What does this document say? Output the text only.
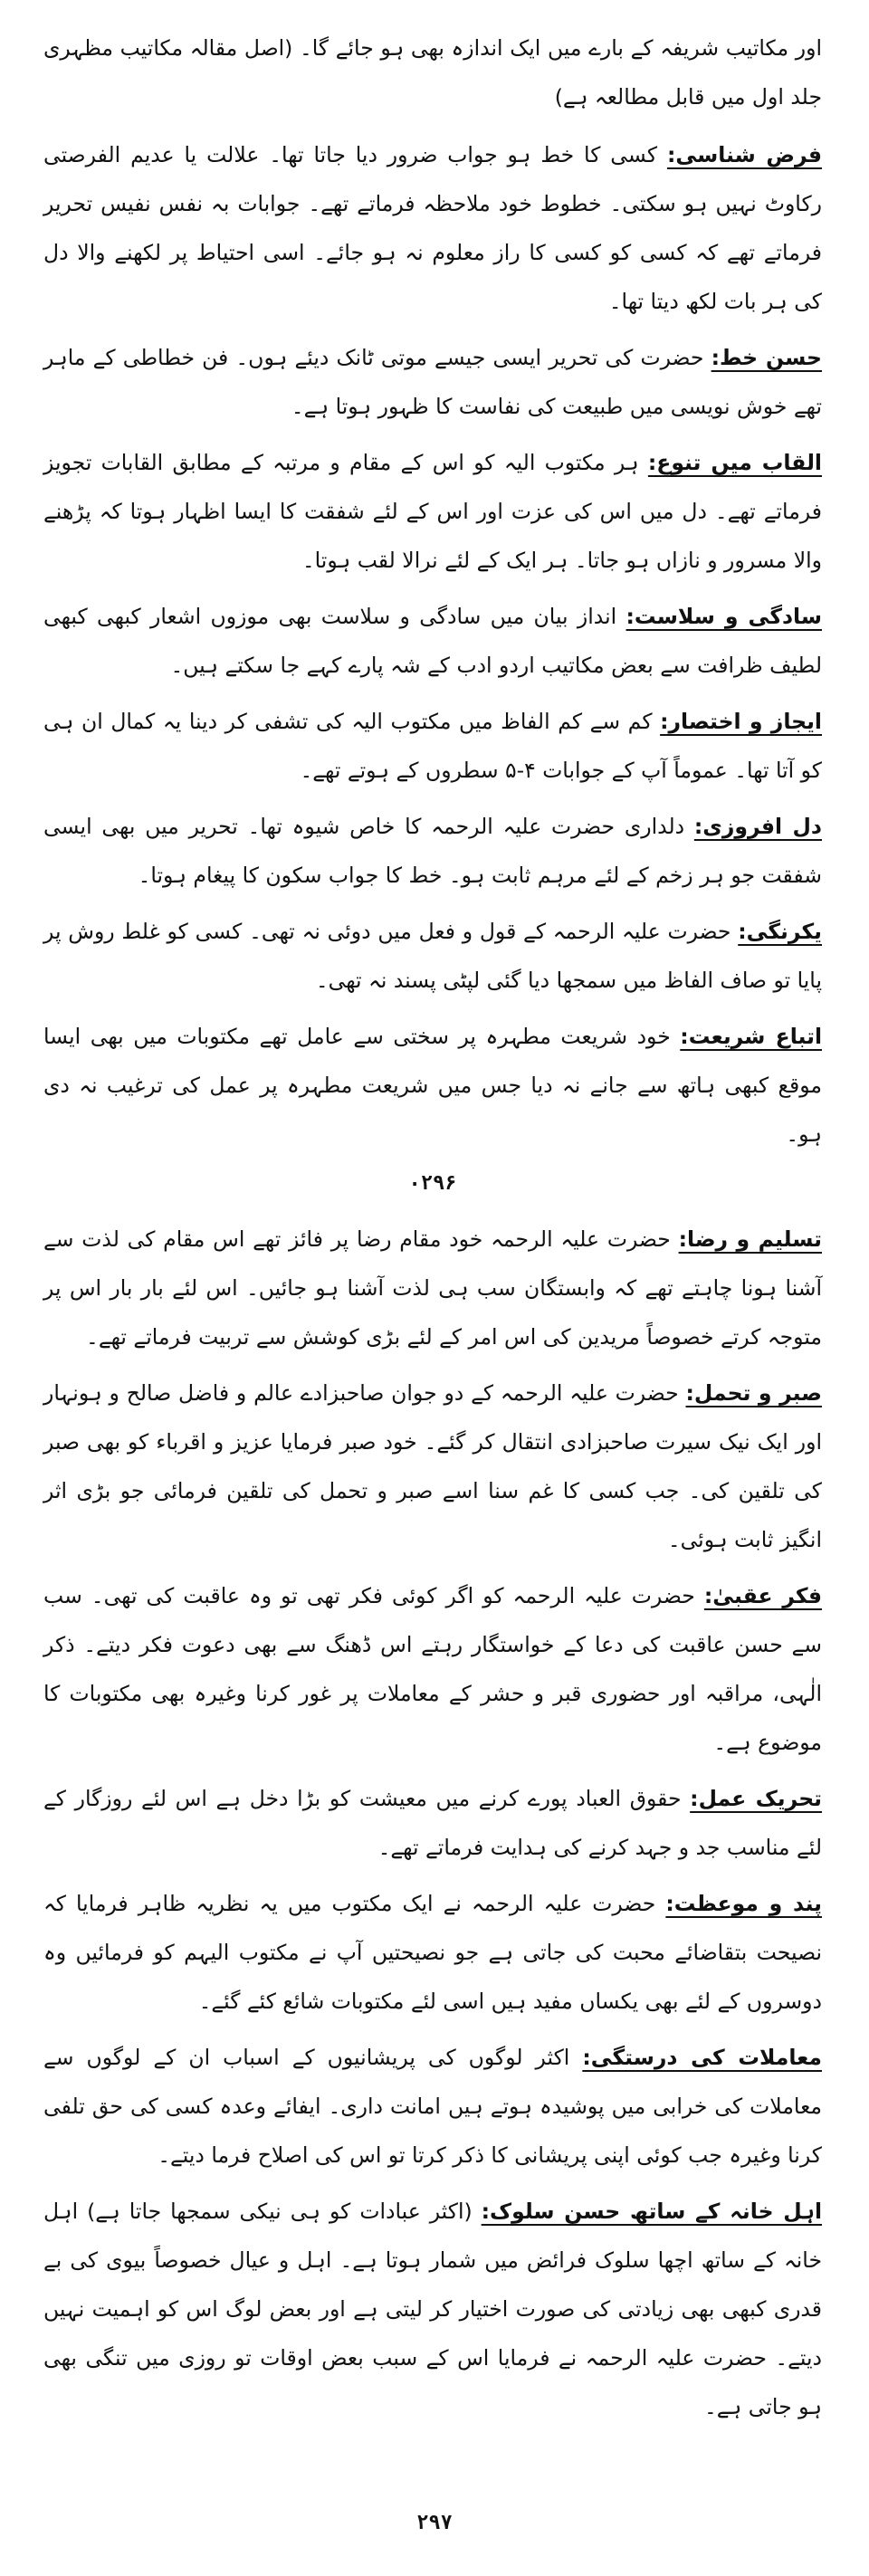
اور مکاتیب شریفہ کے بارے میں ایک اندازہ بھی ہو جائے گا۔ (اصل مقالہ مکاتیب مظہری جلد اول میں قابل مطالعہ ہے)

فرض شناسی: کسی کا خط ہو جواب ضرور دیا جاتا تھا۔ علالت یا عدیم الفرصتی رکاوٹ نہیں ہو سکتی۔ خطوط خود ملاحظہ فرماتے تھے۔ جوابات بہ نفس نفیس تحریر فرماتے تھے کہ کسی کو کسی کا راز معلوم نہ ہو جائے۔ اسی احتیاط پر لکھنے والا دل کی ہر بات لکھ دیتا تھا۔

حسن خط: حضرت کی تحریر ایسی جیسے موتی ٹانک دیئے ہوں۔ فن خطاطی کے ماہر تھے خوش نویسی میں طبیعت کی نفاست کا ظہور ہوتا ہے۔

القاب میں تنوع: ہر مکتوب الیہ کو اس کے مقام و مرتبہ کے مطابق القابات تجویز فرماتے تھے۔ دل میں اس کی عزت اور اس کے لئے شفقت کا ایسا اظہار ہوتا کہ پڑھنے والا مسرور و نازاں ہو جاتا۔ ہر ایک کے لئے نرالا لقب ہوتا۔

سادگی و سلاست: انداز بیان میں سادگی و سلاست بھی موزوں اشعار کبھی کبھی لطیف ظرافت سے بعض مکاتیب اردو ادب کے شہ پارے کہے جا سکتے ہیں۔

ایجاز و اختصار: کم سے کم الفاظ میں مکتوب الیہ کی تشفی کر دینا یہ کمال ان ہی کو آتا تھا۔ عموماً آپ کے جوابات ۴-۵ سطروں کے ہوتے تھے۔

دل افروزی: دلداری حضرت علیہ الرحمہ کا خاص شیوہ تھا۔ تحریر میں بھی ایسی شفقت جو ہر زخم کے لئے مرہم ثابت ہو۔ خط کا جواب سکون کا پیغام ہوتا۔

یکرنگی: حضرت علیہ الرحمہ کے قول و فعل میں دوئی نہ تھی۔ کسی کو غلط روش پر پایا تو صاف الفاظ میں سمجھا دیا گئی لپٹی پسند نہ تھی۔

اتباع شریعت: خود شریعت مطہرہ پر سختی سے عامل تھے مکتوبات میں بھی ایسا موقع کبھی ہاتھ سے جانے نہ دیا جس میں شریعت مطہرہ پر عمل کی ترغیب نہ دی ہو۔

۰۲۹۶

تسلیم و رضا: حضرت علیہ الرحمہ خود مقام رضا پر فائز تھے اس مقام کی لذت سے آشنا ہونا چاہتے تھے کہ وابستگان سب ہی لذت آشنا ہو جائیں۔ اس لئے بار بار اس پر متوجہ کرتے خصوصاً مریدین کی اس امر کے لئے بڑی کوشش سے تربیت فرماتے تھے۔

صبر و تحمل: حضرت علیہ الرحمہ کے دو جوان صاحبزادے عالم و فاضل صالح و ہونہار اور ایک نیک سیرت صاحبزادی انتقال کر گئے۔ خود صبر فرمایا عزیز و اقرباء کو بھی صبر کی تلقین کی۔ جب کسی کا غم سنا اسے صبر و تحمل کی تلقین فرمائی جو بڑی اثر انگیز ثابت ہوئی۔

فکر عقبیٰ: حضرت علیہ الرحمہ کو اگر کوئی فکر تھی تو وہ عاقبت کی تھی۔ سب سے حسن عاقبت کی دعا کے خواستگار رہتے اس ڈھنگ سے بھی دعوت فکر دیتے۔ ذکر الٰہی، مراقبہ اور حضوری قبر و حشر کے معاملات پر غور کرنا وغیرہ بھی مکتوبات کا موضوع ہے۔

تحریک عمل: حقوق العباد پورے کرنے میں معیشت کو بڑا دخل ہے اس لئے روزگار کے لئے مناسب جد و جہد کرنے کی ہدایت فرماتے تھے۔

پند و موعظت: حضرت علیہ الرحمہ نے ایک مکتوب میں یہ نظریہ ظاہر فرمایا کہ نصیحت بتقاضائے محبت کی جاتی ہے جو نصیحتیں آپ نے مکتوب الیہم کو فرمائیں وہ دوسروں کے لئے بھی یکساں مفید ہیں اسی لئے مکتوبات شائع کئے گئے۔

معاملات کی درستگی: اکثر لوگوں کی پریشانیوں کے اسباب ان کے لوگوں سے معاملات کی خرابی میں پوشیدہ ہوتے ہیں امانت داری۔ ایفائے وعدہ کسی کی حق تلفی کرنا وغیرہ جب کوئی اپنی پریشانی کا ذکر کرتا تو اس کی اصلاح فرما دیتے۔

اہل خانہ کے ساتھ حسن سلوک: (اکثر عبادات کو ہی نیکی سمجھا جاتا ہے) اہل خانہ کے ساتھ اچھا سلوک فرائض میں شمار ہوتا ہے۔ اہل و عیال خصوصاً بیوی کی بے قدری کبھی بھی زیادتی کی صورت اختیار کر لیتی ہے اور بعض لوگ اس کو اہمیت نہیں دیتے۔ حضرت علیہ الرحمہ نے فرمایا اس کے سبب بعض اوقات تو روزی میں تنگی بھی ہو جاتی ہے۔

۲۹۷
